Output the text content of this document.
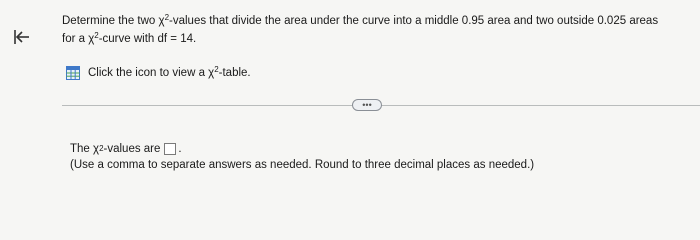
Determine the two $\chi^2$-values that divide the area under the curve into a middle 0.95 area and two outside 0.025 areas
for a $\chi^2$-curve with df = 14.
Click the icon to view a $\chi^2$-table.
•••
The χ 2 -values are .
(Use a comma to separate answers as needed. Round to three decimal places as needed.)
